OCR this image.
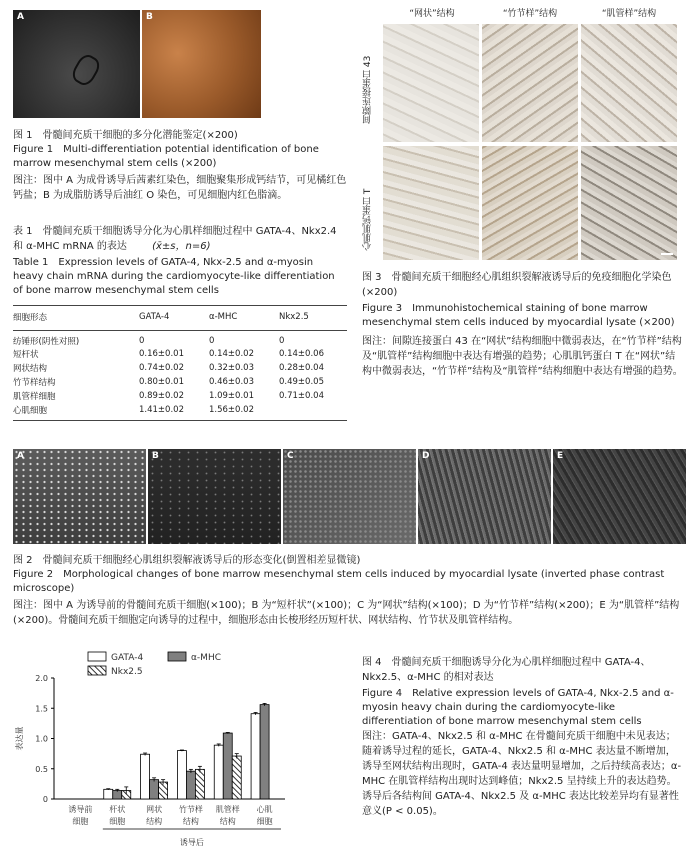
A	B
图 1　骨髓间充质干细胞的多分化潜能鉴定(×200)
Figure 1　Multi-differentiation potential identification of bone marrow mesenchymal stem cells (×200)
图注：图中 A 为成骨诱导后茜素红染色，细胞聚集形成钙结节，可见橘红色钙盐；B 为成脂肪诱导后油红 O 染色，可见细胞内红色脂滴。
表 1　骨髓间充质干细胞诱导分化为心肌样细胞过程中 GATA-4、Nkx2.4 和 α-MHC mRNA 的表达	(x̄±s，n=6)
Table 1　Expression levels of GATA-4, Nkx-2.5 and α-myosin heavy chain mRNA during the cardiomyocyte-like differentiation of bone marrow mesenchymal stem cells
细胞形态	GATA-4	α-MHC	Nkx2.5
纺锤形(阴性对照)	0	0	0
短杆状	0.16±0.01	0.14±0.02	0.14±0.06
网状结构	0.74±0.02	0.32±0.03	0.28±0.04
竹节样结构	0.80±0.01	0.46±0.03	0.49±0.05
肌管样细胞	0.89±0.02	1.09±0.01	0.71±0.04
心肌细胞	1.41±0.02	1.56±0.02	
“网状”结构	“竹节样”结构	“肌管样”结构
间隙连接蛋白 43
心肌肌钙蛋白 T
图 3　骨髓间充质干细胞经心肌组织裂解液诱导后的免疫细胞化学染色(×200)
Figure 3　Immunohistochemical staining of bone marrow mesenchymal stem cells induced by myocardial lysate (×200)
图注：间隙连接蛋白 43 在“网状”结构细胞中微弱表达，在“竹节样”结构及“肌管样”结构细胞中表达有增强的趋势；心肌肌钙蛋白 T 在“网状”结构中微弱表达，“竹节样”结构及“肌管样”结构细胞中表达有增强的趋势。
A	B	C	D	E
图 2　骨髓间充质干细胞经心肌组织裂解液诱导后的形态变化(倒置相差显微镜)
Figure 2　Morphological changes of bone marrow mesenchymal stem cells induced by myocardial lysate (inverted phase contrast microscope)
图注：图中 A 为诱导前的骨髓间充质干细胞(×100)；B 为“短杆状”(×100)；C 为“网状”结构(×100)；D 为“竹节样”结构(×200)；E 为“肌管样”结构(×200)。骨髓间充质干细胞定向诱导的过程中，细胞形态由长梭形经历短杆状、网状结构、竹节状及肌管样结构。
0
0.5
1.0
1.5
2.0
表达量
诱导前
细胞
杆状
细胞
网状
结构
竹节样
结构
肌管样
结构
心肌
细胞
诱导后
GATA-4	α-MHC
Nkx2.5
图 4　骨髓间充质干细胞诱导分化为心肌样细胞过程中 GATA-4、Nkx2.5、α-MHC 的相对表达
Figure 4　Relative expression levels of GATA-4, Nkx-2.5 and α-myosin heavy chain during the cardiomyocyte-like differentiation of bone marrow mesenchymal stem cells
图注：GATA-4、Nkx2.5 和 α-MHC 在骨髓间充质干细胞中未见表达；随着诱导过程的延长，GATA-4、Nkx2.5 和 α-MHC 表达量不断增加，诱导至网状结构出现时，GATA-4 表达量明显增加，之后持续高表达；α-MHC 在肌管样结构出现时达到峰值；Nkx2.5 呈持续上升的表达趋势。诱导后各结构间 GATA-4、Nkx2.5 及 α-MHC 表达比较差异均有显著性意义(P < 0.05)。
